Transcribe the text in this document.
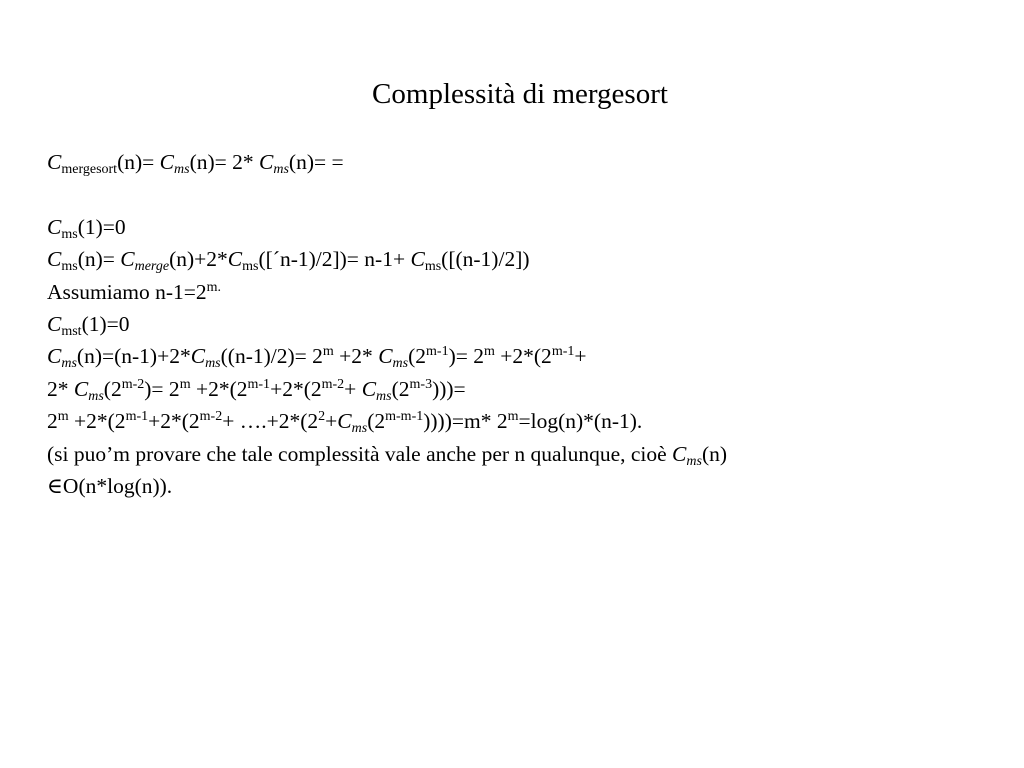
Complessità di mergesort
$C_{mergesort}(n)= C_{ms}(n)= 2*$ $C_{ms}(n)=$ =
$C_{ms}(1)=0$
$C_{ms}(n)=$ $C_{merge}(n)+2*C_{ms}([´n-1)/2])= n-1+ C_{ms}([(n-1)/2])$
Assumiamo $n-1=2^{m.}$
$C_{mst}(1)=0$
$C_{ms}(n)=(n-1)+2*C_{ms}((n-1)/2)= 2^m +2*$ $C_{ms}(2^{m-1})= 2^m +2*(2^{m-1}+$
2* $C_{ms}(2^{m-2})= 2^m +2*(2^{m-1}+2*(2^{m-2}+ C_{ms}(2^{m-3})))=$
$2^m +2*(2^{m-1}+2*(2^{m-2}+$ $\dots.+2*(2^2+C_{ms}(2^{m-m-1}))))=m*$ $2^m=\log(n)*(n-1)$.
(si puo’m provare che tale complessità vale anche per n qualunque, cioè $C_{ms}(n)$
∈O(n*log(n)).
